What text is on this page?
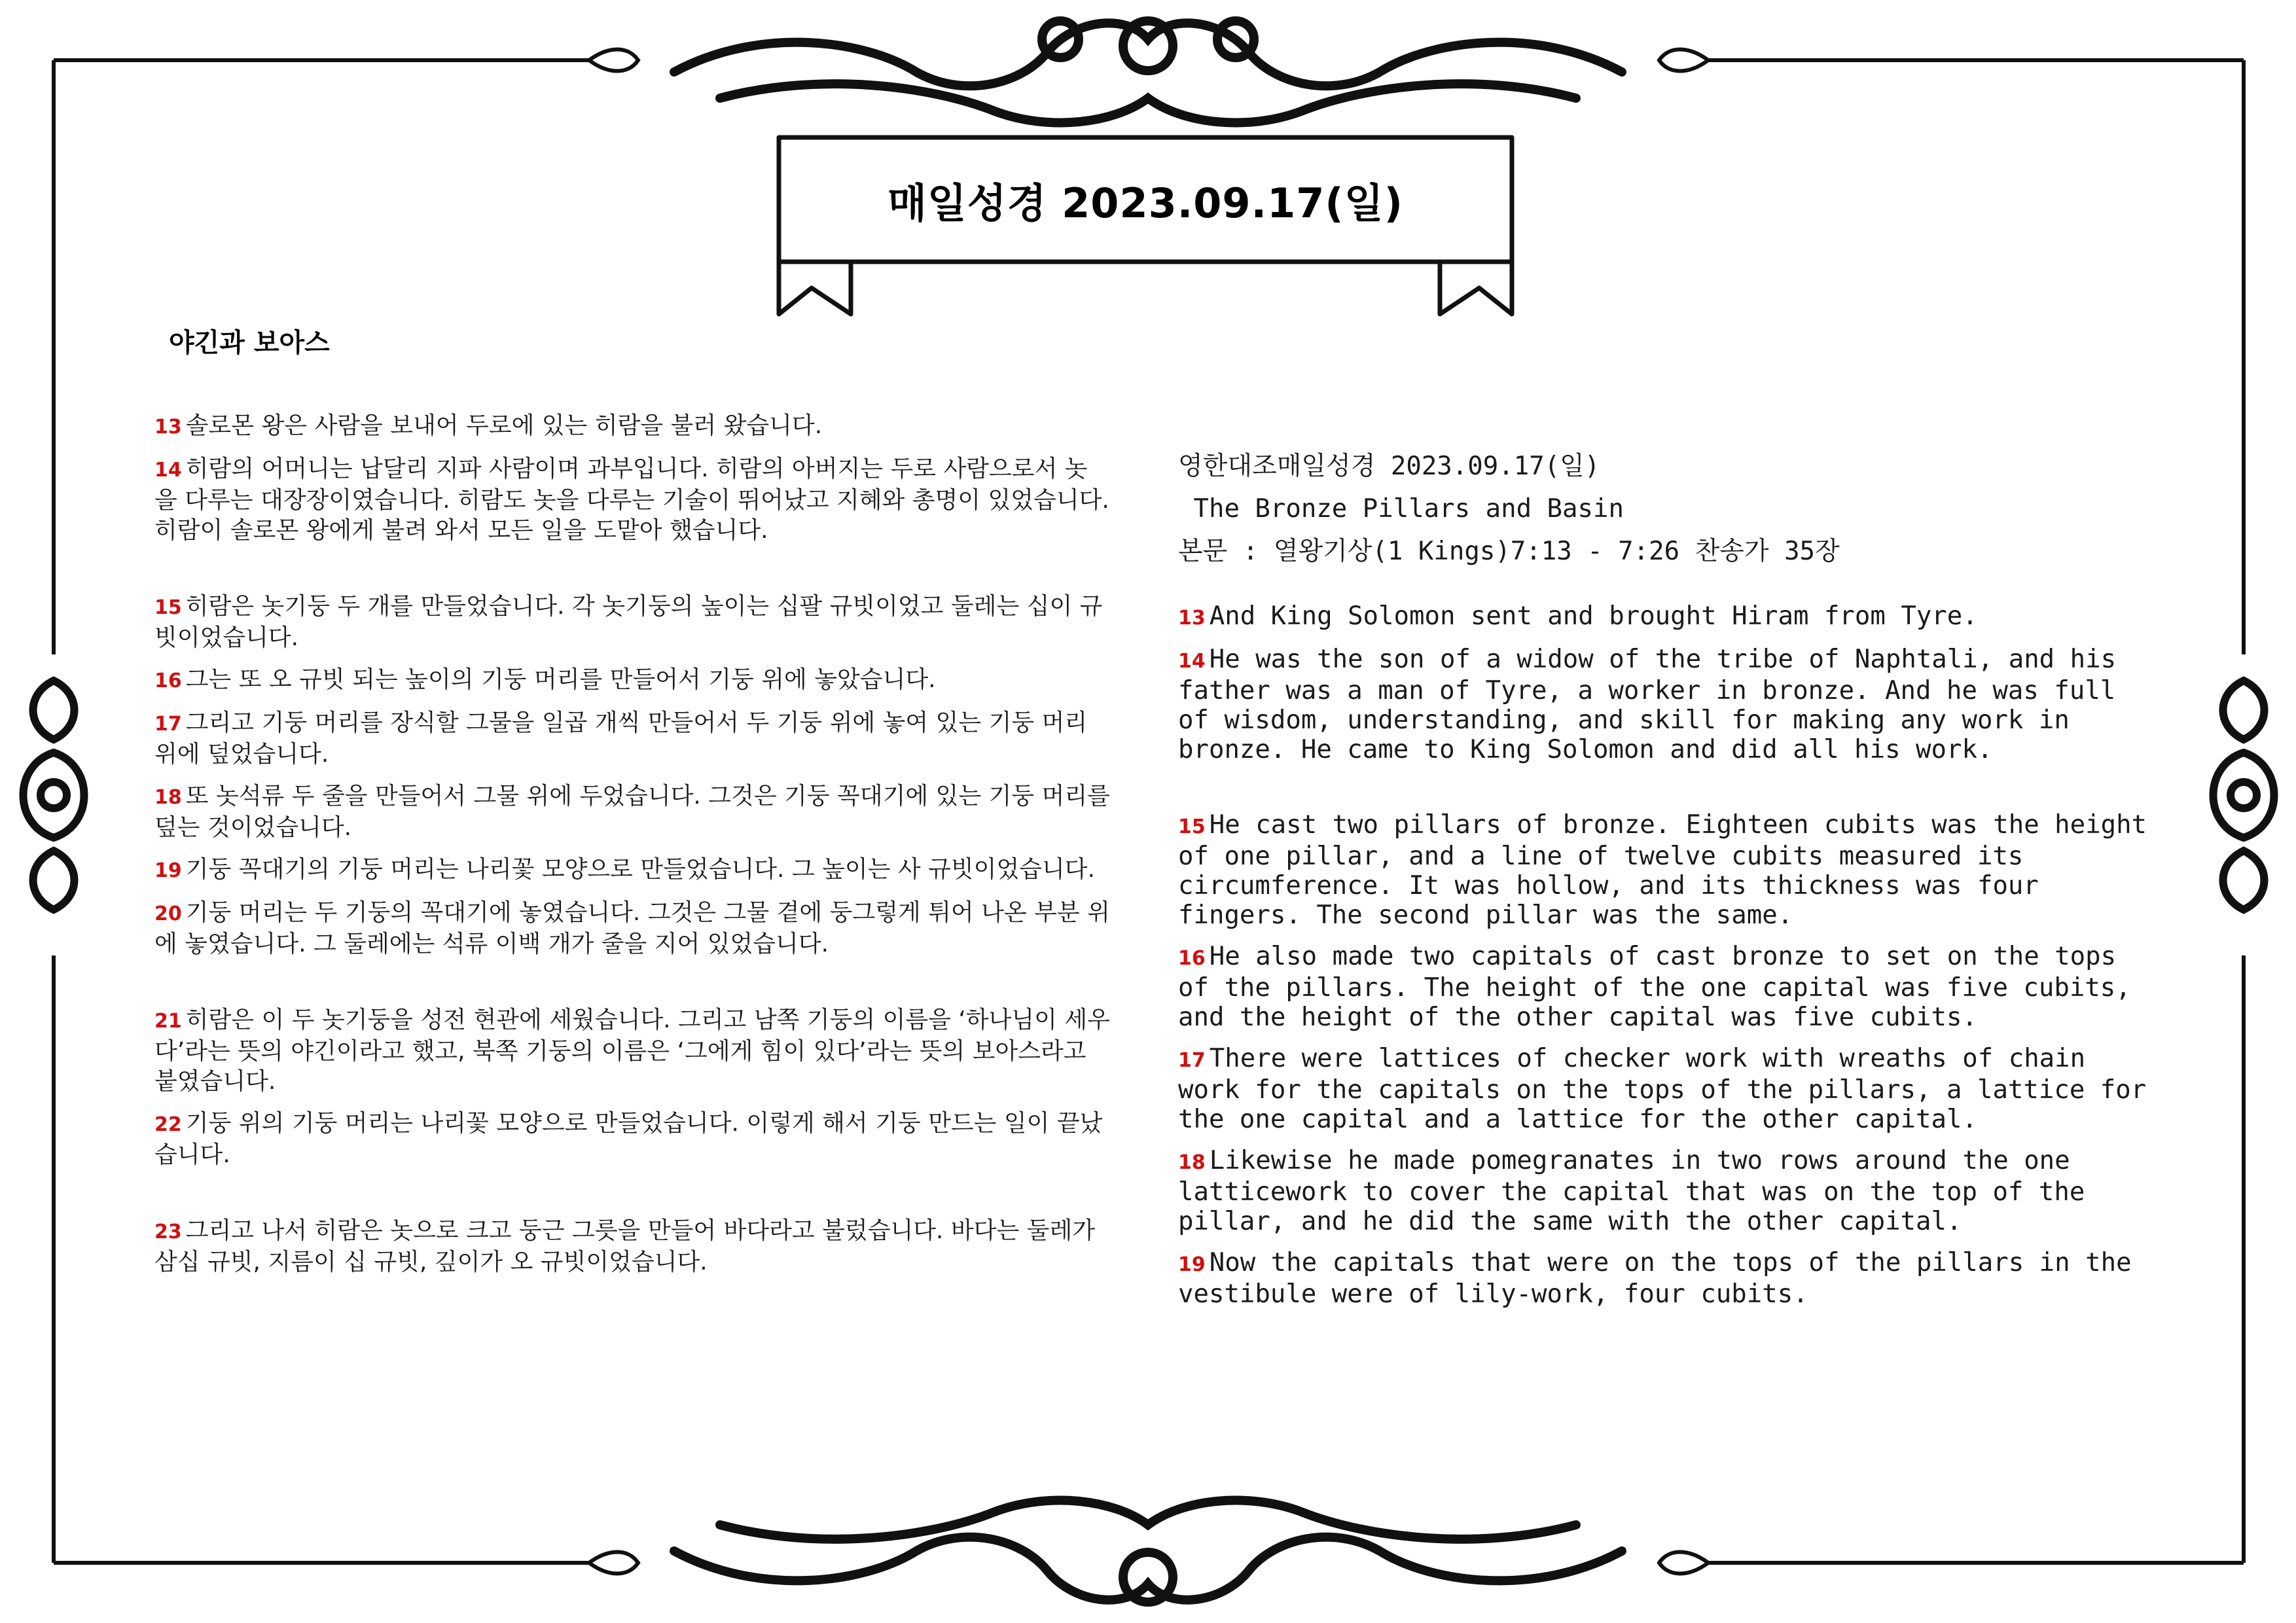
매일성경 2023.09.17(일)
야긴과 보아스
13 솔로몬 왕은 사람을 보내어 두로에 있는 히람을 불러 왔습니다.
14 히람의 어머니는 납달리 지파 사람이며 과부입니다. 히람의 아버지는 두로 사람으로서 놋을 다루는 대장장이였습니다. 히람도 놋을 다루는 기술이 뛰어났고 지혜와 총명이 있었습니다. 히람이 솔로몬 왕에게 불려 와서 모든 일을 도맡아 했습니다.
15 히람은 놋기둥 두 개를 만들었습니다. 각 놋기둥의 높이는 십팔 규빗이었고 둘레는 십이 규빗이었습니다.
16 그는 또 오 규빗 되는 높이의 기둥 머리를 만들어서 기둥 위에 놓았습니다.
17 그리고 기둥 머리를 장식할 그물을 일곱 개씩 만들어서 두 기둥 위에 놓여 있는 기둥 머리 위에 덮었습니다.
18 또 놋석류 두 줄을 만들어서 그물 위에 두었습니다. 그것은 기둥 꼭대기에 있는 기둥 머리를 덮는 것이었습니다.
19 기둥 꼭대기의 기둥 머리는 나리꽃 모양으로 만들었습니다. 그 높이는 사 규빗이었습니다.
20 기둥 머리는 두 기둥의 꼭대기에 놓였습니다. 그것은 그물 곁에 둥그렇게 튀어 나온 부분 위에 놓였습니다. 그 둘레에는 석류 이백 개가 줄을 지어 있었습니다.
21 히람은 이 두 놋기둥을 성전 현관에 세웠습니다. 그리고 남쪽 기둥의 이름을 ‘하나님이 세우다’라는 뜻의 야긴이라고 했고, 북쪽 기둥의 이름은 ‘그에게 힘이 있다’라는 뜻의 보아스라고 붙였습니다.
22 기둥 위의 기둥 머리는 나리꽃 모양으로 만들었습니다. 이렇게 해서 기둥 만드는 일이 끝났습니다.
23 그리고 나서 히람은 놋으로 크고 둥근 그릇을 만들어 바다라고 불렀습니다. 바다는 둘레가 삼십 규빗, 지름이 십 규빗, 깊이가 오 규빗이었습니다.
영한대조매일성경 2023.09.17(일)
The Bronze Pillars and Basin
본문 : 열왕기상(1 Kings)7:13 - 7:26 찬송가 35장
13 And King Solomon sent and brought Hiram from Tyre.
14 He was the son of a widow of the tribe of Naphtali, and his father was a man of Tyre, a worker in bronze. And he was full of wisdom, understanding, and skill for making any work in bronze. He came to King Solomon and did all his work.
15 He cast two pillars of bronze. Eighteen cubits was the height of one pillar, and a line of twelve cubits measured its circumference. It was hollow, and its thickness was four fingers. The second pillar was the same.
16 He also made two capitals of cast bronze to set on the tops of the pillars. The height of the one capital was five cubits, and the height of the other capital was five cubits.
17 There were lattices of checker work with wreaths of chain work for the capitals on the tops of the pillars, a lattice for the one capital and a lattice for the other capital.
18 Likewise he made pomegranates in two rows around the one latticework to cover the capital that was on the top of the pillar, and he did the same with the other capital.
19 Now the capitals that were on the tops of the pillars in the vestibule were of lily-work, four cubits.
